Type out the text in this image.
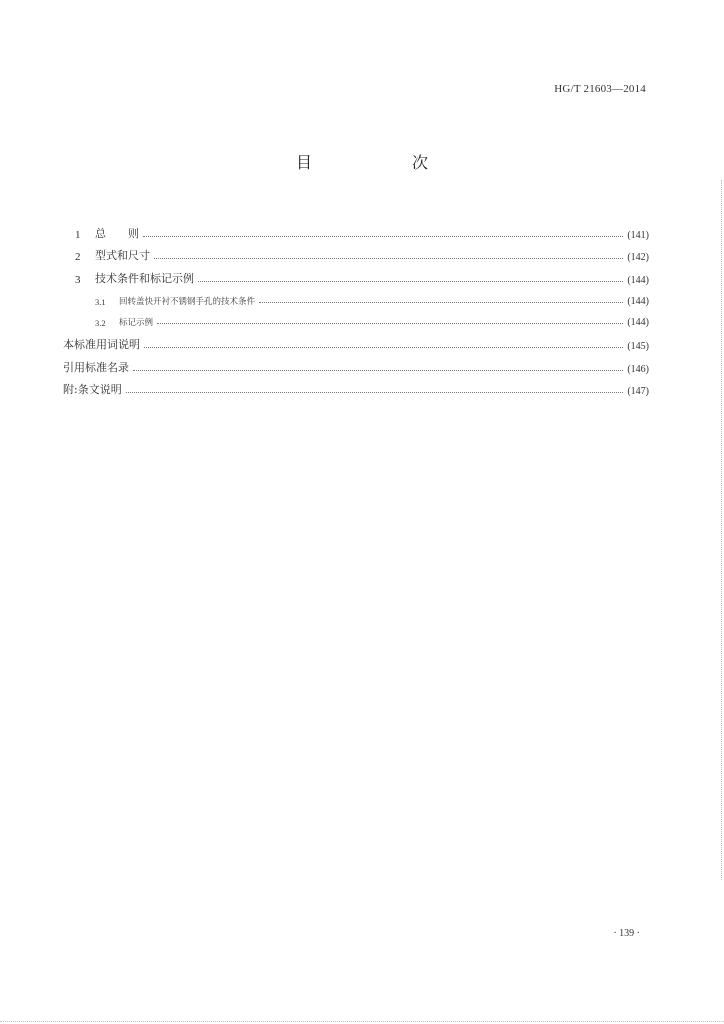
HG/T 21603—2014
目　次
1	总　　则	(141)
2	型式和尺寸	(142)
3	技术条件和标记示例	(144)
3.1	回转盖快开衬不锈钢手孔的技术条件	(144)
3.2	标记示例	(144)
本标准用词说明	(145)
引用标准名录	(146)
附:条文说明	(147)
· 139 ·
